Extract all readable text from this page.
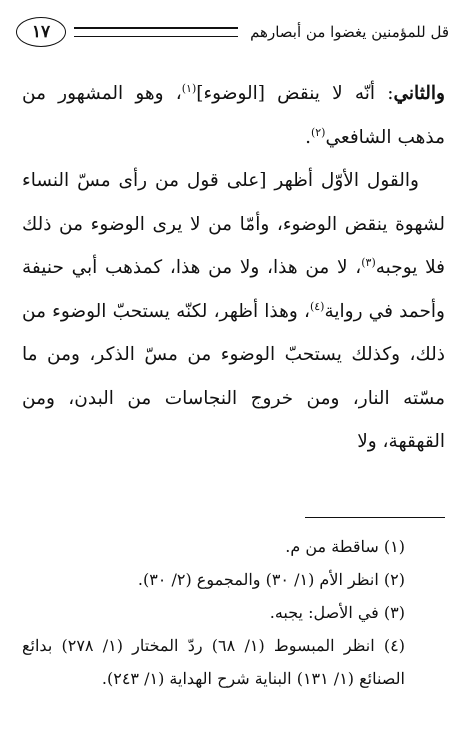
قل للمؤمنين يغضوا من أبصارهم
١٧

والثاني: أنّه لا ينقض [الوضوء]$^{(١)}$، وهو المشهور من مذهب الشافعي$^{(٢)}$.

والقول الأوّل أظهر [على قول من رأى مسّ النساء لشهوة ينقض الوضوء، وأمّا من لا يرى الوضوء من ذلك فلا يوجبه$^{(٣)}$، لا من هذا، ولا من هذا، كمذهب أبي حنيفة وأحمد في رواية$^{(٤)}$، وهذا أظهر، لكنّه يستحبّ الوضوء من ذلك، وكذلك يستحبّ الوضوء من مسّ الذكر، ومن ما مسّته النار، ومن خروج النجاسات من البدن، ومن القهقهة، ولا

(١) ساقطة من م.

(٢) انظر الأم (١/ ٣٠) والمجموع (٢/ ٣٠).

(٣) في الأصل: يجبه.

(٤) انظر المبسوط (١/ ٦٨) ردّ المختار (١/ ٢٧٨) بدائع الصنائع (١/ ١٣١) البناية شرح الهداية (١/ ٢٤٣).
